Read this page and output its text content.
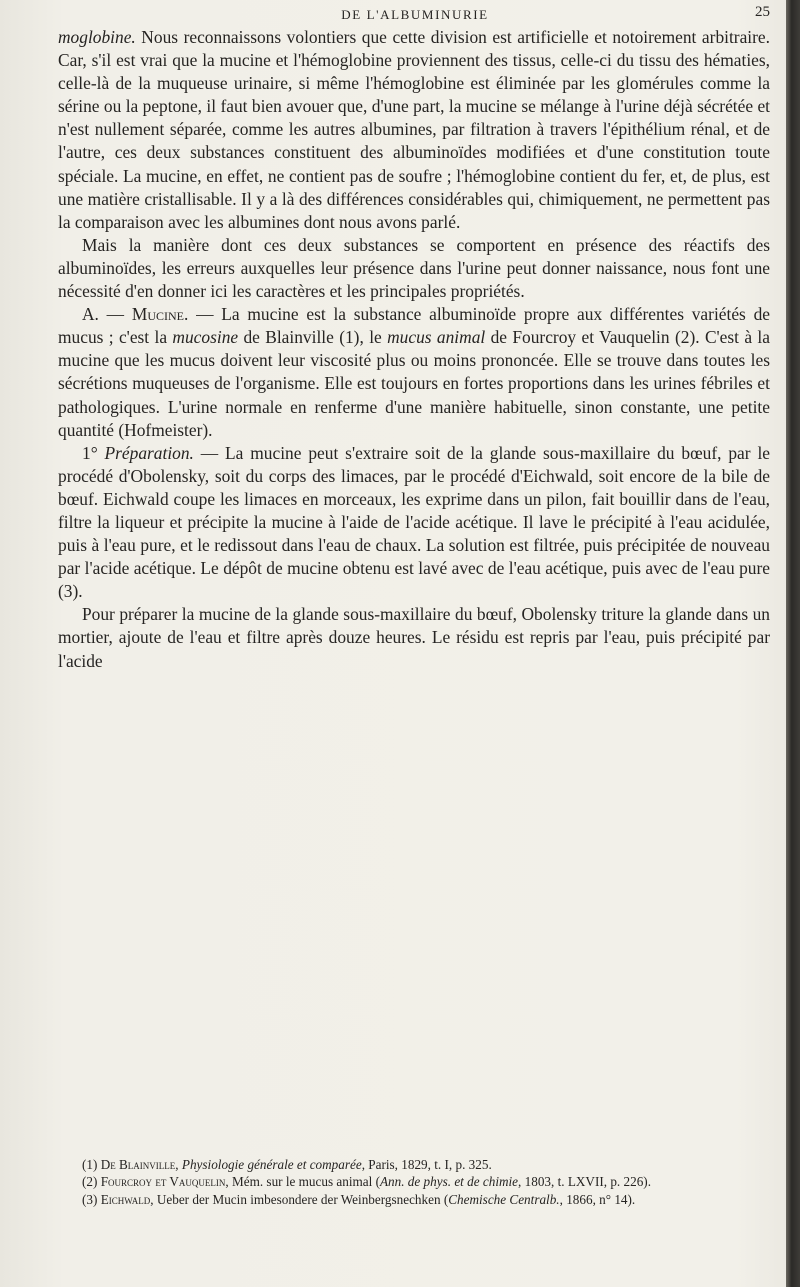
DE L'ALBUMINURIE	25

moglobine. Nous reconnaissons volontiers que cette division est artificielle et notoirement arbitraire. Car, s'il est vrai que la mucine et l'hémoglobine proviennent des tissus, celle-ci du tissu des hématies, celle-là de la muqueuse urinaire, si même l'hémoglobine est éliminée par les glomérules comme la sérine ou la peptone, il faut bien avouer que, d'une part, la mucine se mélange à l'urine déjà sécrétée et n'est nullement séparée, comme les autres albumines, par filtration à travers l'épithélium rénal, et de l'autre, ces deux substances constituent des albuminoïdes modifiées et d'une constitution toute spéciale. La mucine, en effet, ne contient pas de soufre ; l'hémoglobine contient du fer, et, de plus, est une matière cristallisable. Il y a là des différences considérables qui, chimiquement, ne permettent pas la comparaison avec les albumines dont nous avons parlé.

Mais la manière dont ces deux substances se comportent en présence des réactifs des albuminoïdes, les erreurs auxquelles leur présence dans l'urine peut donner naissance, nous font une nécessité d'en donner ici les caractères et les principales propriétés.

A. — Mucine. — La mucine est la substance albuminoïde propre aux différentes variétés de mucus ; c'est la mucosine de Blainville (1), le mucus animal de Fourcroy et Vauquelin (2). C'est à la mucine que les mucus doivent leur viscosité plus ou moins prononcée. Elle se trouve dans toutes les sécrétions muqueuses de l'organisme. Elle est toujours en fortes proportions dans les urines fébriles et pathologiques. L'urine normale en renferme d'une manière habituelle, sinon constante, une petite quantité (Hofmeister).

1° Préparation. — La mucine peut s'extraire soit de la glande sous-maxillaire du bœuf, par le procédé d'Obolensky, soit du corps des limaces, par le procédé d'Eichwald, soit encore de la bile de bœuf. Eichwald coupe les limaces en morceaux, les exprime dans un pilon, fait bouillir dans de l'eau, filtre la liqueur et précipite la mucine à l'aide de l'acide acétique. Il lave le précipité à l'eau acidulée, puis à l'eau pure, et le redissout dans l'eau de chaux. La solution est filtrée, puis précipitée de nouveau par l'acide acétique. Le dépôt de mucine obtenu est lavé avec de l'eau acétique, puis avec de l'eau pure (3).

Pour préparer la mucine de la glande sous-maxillaire du bœuf, Obolensky triture la glande dans un mortier, ajoute de l'eau et filtre après douze heures. Le résidu est repris par l'eau, puis précipité par l'acide

(1) De Blainville, Physiologie générale et comparée, Paris, 1829, t. I, p. 325.

(2) Fourcroy et Vauquelin, Mém. sur le mucus animal (Ann. de phys. et de chimie, 1803, t. LXVII, p. 226).

(3) Eichwald, Ueber der Mucin imbesondere der Weinbergsnechken (Chemische Centralb., 1866, n° 14).
